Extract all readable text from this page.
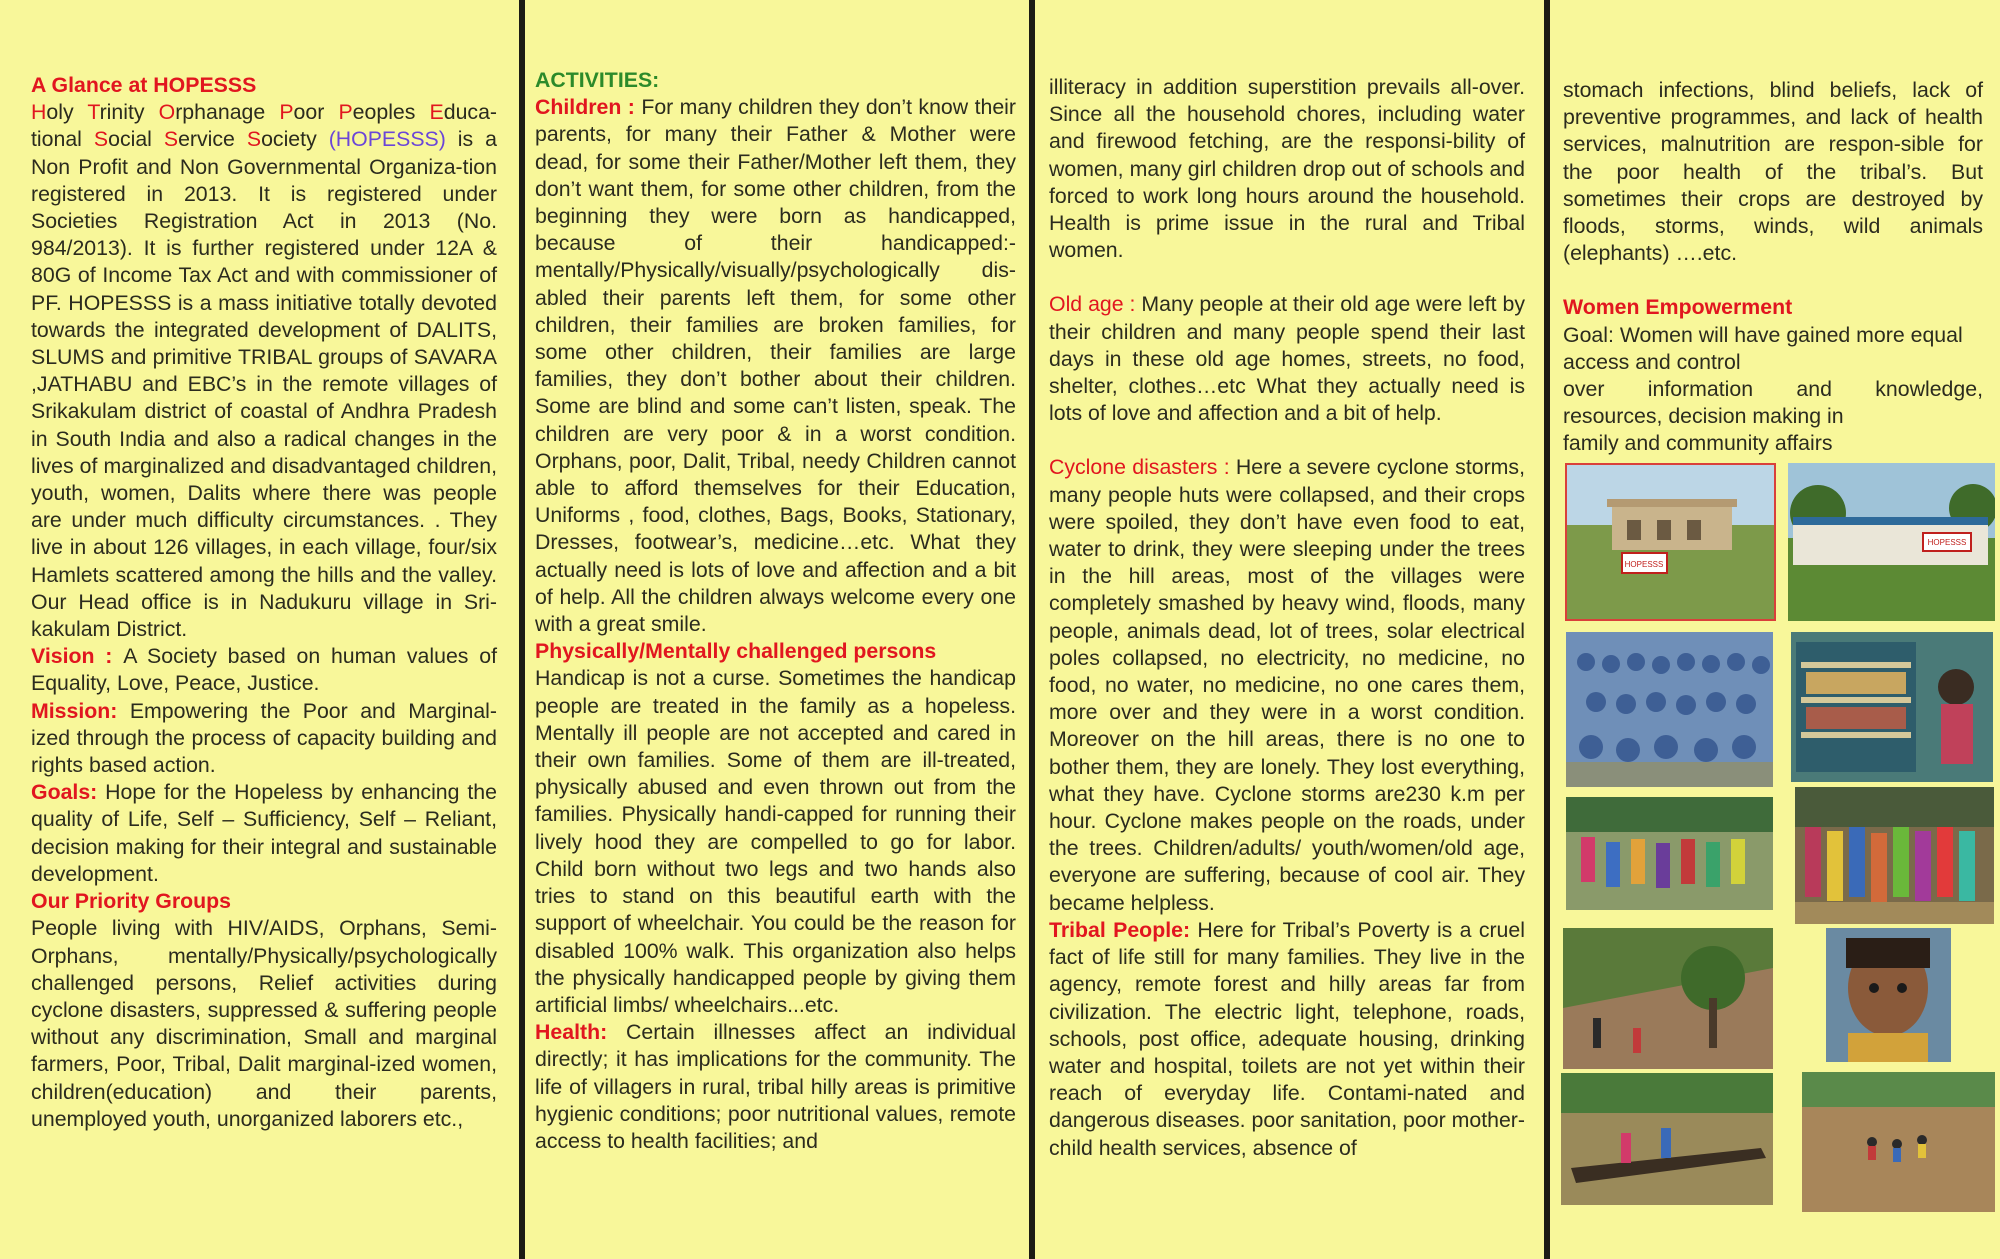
A Glance at HOPESSS

Holy Trinity Orphanage Poor Peoples Educa-tional Social Service Society (HOPESSS) is a Non Profit and Non Governmental Organiza-tion registered in 2013. It is registered under Societies Registration Act in 2013 (No. 984/2013). It is further registered under 12A & 80G of Income Tax Act and with commissioner of PF. HOPESSS is a mass initiative totally devoted towards the integrated development of DALITS, SLUMS and primitive TRIBAL groups of SAVARA ,JATHABU and EBC’s in the remote villages of Srikakulam district of coastal of Andhra Pradesh in South India and also a radical changes in the lives of marginalized and disadvantaged children, youth, women, Dalits where there was people are under much difficulty circumstances. . They live in about 126 villages, in each village, four/six Hamlets scattered among the hills and the valley. Our Head office is in Nadukuru village in Sri-kakulam District.

Vision : A Society based on human values of Equality, Love, Peace, Justice.

Mission: Empowering the Poor and Marginal-ized through the process of capacity building and rights based action.

Goals: Hope for the Hopeless by enhancing the quality of Life, Self – Sufficiency, Self – Reliant, decision making for their integral and sustainable development.

Our Priority Groups

People living with HIV/AIDS, Orphans, Semi-Orphans, mentally/Physically/psychologically challenged persons, Relief activities during cyclone disasters, suppressed & suffering people without any discrimination, Small and marginal farmers, Poor, Tribal, Dalit marginal-ized women, children(education) and their parents, unemployed youth, unorganized laborers etc.,

ACTIVITIES:

Children : For many children they don’t know their parents, for many their Father & Mother were dead, for some their Father/Mother left them, they don’t want them, for some other children, from the beginning they were born as handicapped, because of their handicapped:-mentally/Physically/visually/psychologically dis-abled their parents left them, for some other children, their families are broken families, for some other children, their families are large families, they don’t bother about their children. Some are blind and some can’t listen, speak. The children are very poor & in a worst condition. Orphans, poor, Dalit, Tribal, needy Children cannot able to afford themselves for their Education, Uniforms , food, clothes, Bags, Books, Stationary, Dresses, footwear’s, medicine…etc. What they actually need is lots of love and affection and a bit of help. All the children always welcome every one with a great smile.

Physically/Mentally challenged persons

Handicap is not a curse. Sometimes the handicap people are treated in the family as a hopeless. Mentally ill people are not accepted and cared in their own families. Some of them are ill-treated, physically abused and even thrown out from the families. Physically handi-capped for running their lively hood they are compelled to go for labor. Child born without two legs and two hands also tries to stand on this beautiful earth with the support of wheelchair. You could be the reason for disabled 100% walk. This organization also helps the physically handicapped people by giving them artificial limbs/ wheelchairs...etc.

Health: Certain illnesses affect an individual directly; it has implications for the community. The life of villagers in rural, tribal hilly areas is primitive hygienic conditions; poor nutritional values, remote access to health facilities; and

illiteracy in addition superstition prevails all-over. Since all the household chores, including water and firewood fetching, are the responsi-bility of women, many girl children drop out of schools and forced to work long hours around the household. Health is prime issue in the rural and Tribal women.

Old age : Many people at their old age were left by their children and many people spend their last days in these old age homes, streets, no food, shelter, clothes…etc What they actually need is lots of love and affection and a bit of help.

Cyclone disasters : Here a severe cyclone storms, many people huts were collapsed, and their crops were spoiled, they don’t have even food to eat, water to drink, they were sleeping under the trees in the hill areas, most of the villages were completely smashed by heavy wind, floods, many people, animals dead, lot of trees, solar electrical poles collapsed, no electricity, no medicine, no food, no water, no medicine, no one cares them, more over and they were in a worst condition. Moreover on the hill areas, there is no one to bother them, they are lonely. They lost everything, what they have. Cyclone storms are230 k.m per hour. Cyclone makes people on the roads, under the trees. Children/adults/ youth/women/old age, everyone are suffering, because of cool air. They became helpless.

Tribal People: Here for Tribal’s Poverty is a cruel fact of life still for many families. They live in the agency, remote forest and hilly areas far from civilization. The electric light, telephone, roads, schools, post office, adequate housing, drinking water and hospital, toilets are not yet within their reach of everyday life. Contami-nated and dangerous diseases. poor sanitation, poor mother-child health services, absence of

stomach infections, blind beliefs, lack of preventive programmes, and lack of health services, malnutrition are respon-sible for the poor health of the tribal’s. But sometimes their crops are destroyed by floods, storms, winds, wild animals (elephants) ….etc.

Women Empowerment

Goal: Women will have gained more equal access and control

over information and knowledge,

resources, decision making in

family and community affairs

HOPESSS
HOPESSS
